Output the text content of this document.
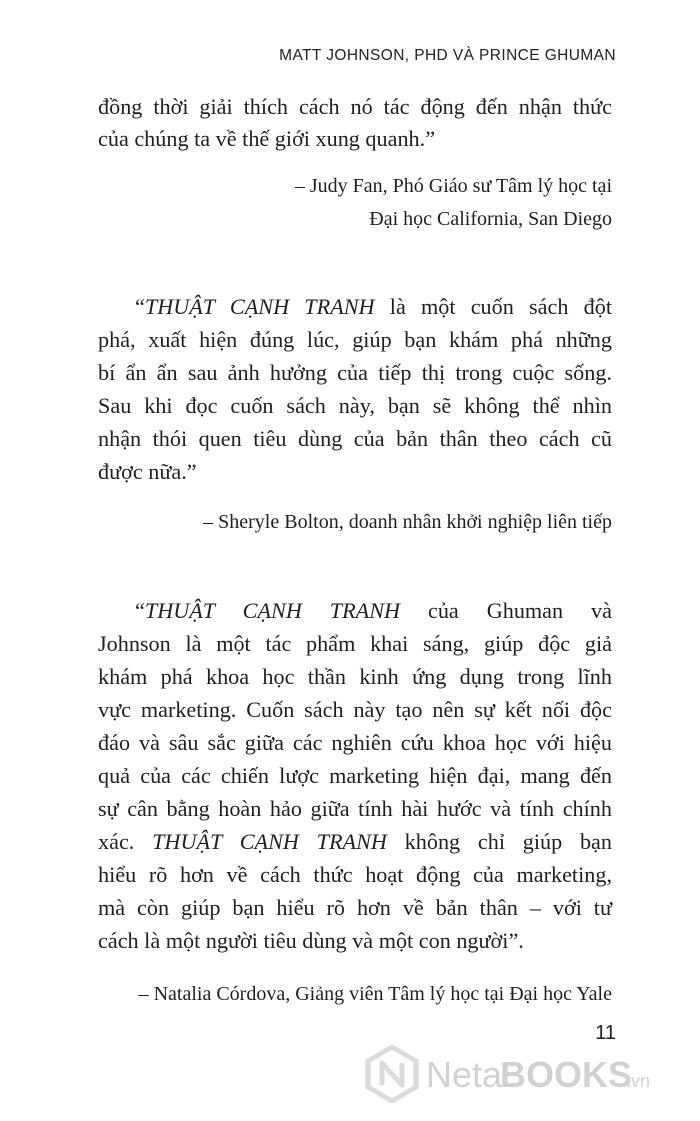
MATT JOHNSON, PHD VÀ PRINCE GHUMAN
đồng thời giải thích cách nó tác động đến nhận thức
của chúng ta về thế giới xung quanh.”
– Judy Fan, Phó Giáo sư Tâm lý học tại
Đại học California, San Diego
“THUẬT CẠNH TRANH là một cuốn sách đột
phá, xuất hiện đúng lúc, giúp bạn khám phá những
bí ẩn ẩn sau ảnh hưởng của tiếp thị trong cuộc sống.
Sau khi đọc cuốn sách này, bạn sẽ không thể nhìn
nhận thói quen tiêu dùng của bản thân theo cách cũ
được nữa.”
– Sheryle Bolton, doanh nhân khởi nghiệp liên tiếp
“THUẬT CẠNH TRANH của Ghuman và
Johnson là một tác phẩm khai sáng, giúp độc giả
khám phá khoa học thần kinh ứng dụng trong lĩnh
vực marketing. Cuốn sách này tạo nên sự kết nối độc
đáo và sâu sắc giữa các nghiên cứu khoa học với hiệu
quả của các chiến lược marketing hiện đại, mang đến
sự cân bằng hoàn hảo giữa tính hài hước và tính chính
xác. THUẬT CẠNH TRANH không chỉ giúp bạn
hiểu rõ hơn về cách thức hoạt động của marketing,
mà còn giúp bạn hiểu rõ hơn về bản thân – với tư
cách là một người tiêu dùng và một con người”.
– Natalia Córdova, Giảng viên Tâm lý học tại Đại học Yale
11
Neta
BOOKS
.vn
